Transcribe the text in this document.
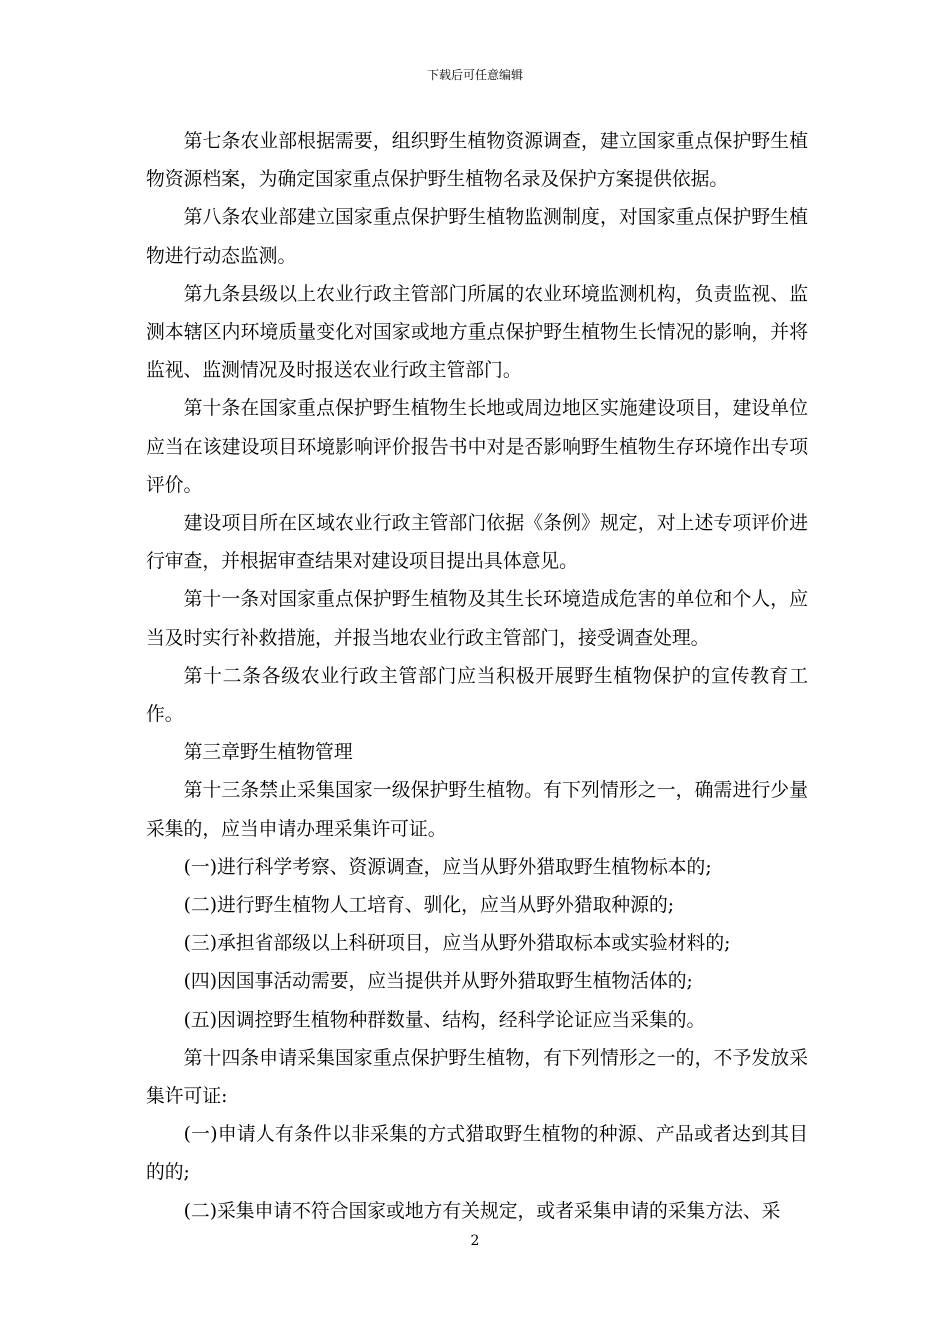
下载后可任意编辑

第七条农业部根据需要，组织野生植物资源调查，建立国家重点保护野生植物资源档案，为确定国家重点保护野生植物名录及保护方案提供依据。

第八条农业部建立国家重点保护野生植物监测制度，对国家重点保护野生植物进行动态监测。

第九条县级以上农业行政主管部门所属的农业环境监测机构，负责监视、监测本辖区内环境质量变化对国家或地方重点保护野生植物生长情况的影响，并将监视、监测情况及时报送农业行政主管部门。

第十条在国家重点保护野生植物生长地或周边地区实施建设项目，建设单位应当在该建设项目环境影响评价报告书中对是否影响野生植物生存环境作出专项评价。

建设项目所在区域农业行政主管部门依据《条例》规定，对上述专项评价进行审查，并根据审查结果对建设项目提出具体意见。

第十一条对国家重点保护野生植物及其生长环境造成危害的单位和个人，应当及时实行补救措施，并报当地农业行政主管部门，接受调查处理。

第十二条各级农业行政主管部门应当积极开展野生植物保护的宣传教育工作。

第三章野生植物管理

第十三条禁止采集国家一级保护野生植物。有下列情形之一，确需进行少量采集的，应当申请办理采集许可证。

(一)进行科学考察、资源调查，应当从野外猎取野生植物标本的;

(二)进行野生植物人工培育、驯化，应当从野外猎取种源的;

(三)承担省部级以上科研项目，应当从野外猎取标本或实验材料的;

(四)因国事活动需要，应当提供并从野外猎取野生植物活体的;

(五)因调控野生植物种群数量、结构，经科学论证应当采集的。

第十四条申请采集国家重点保护野生植物，有下列情形之一的，不予发放采集许可证:

(一)申请人有条件以非采集的方式猎取野生植物的种源、产品或者达到其目的的;

(二)采集申请不符合国家或地方有关规定，或者采集申请的采集方法、采

2
